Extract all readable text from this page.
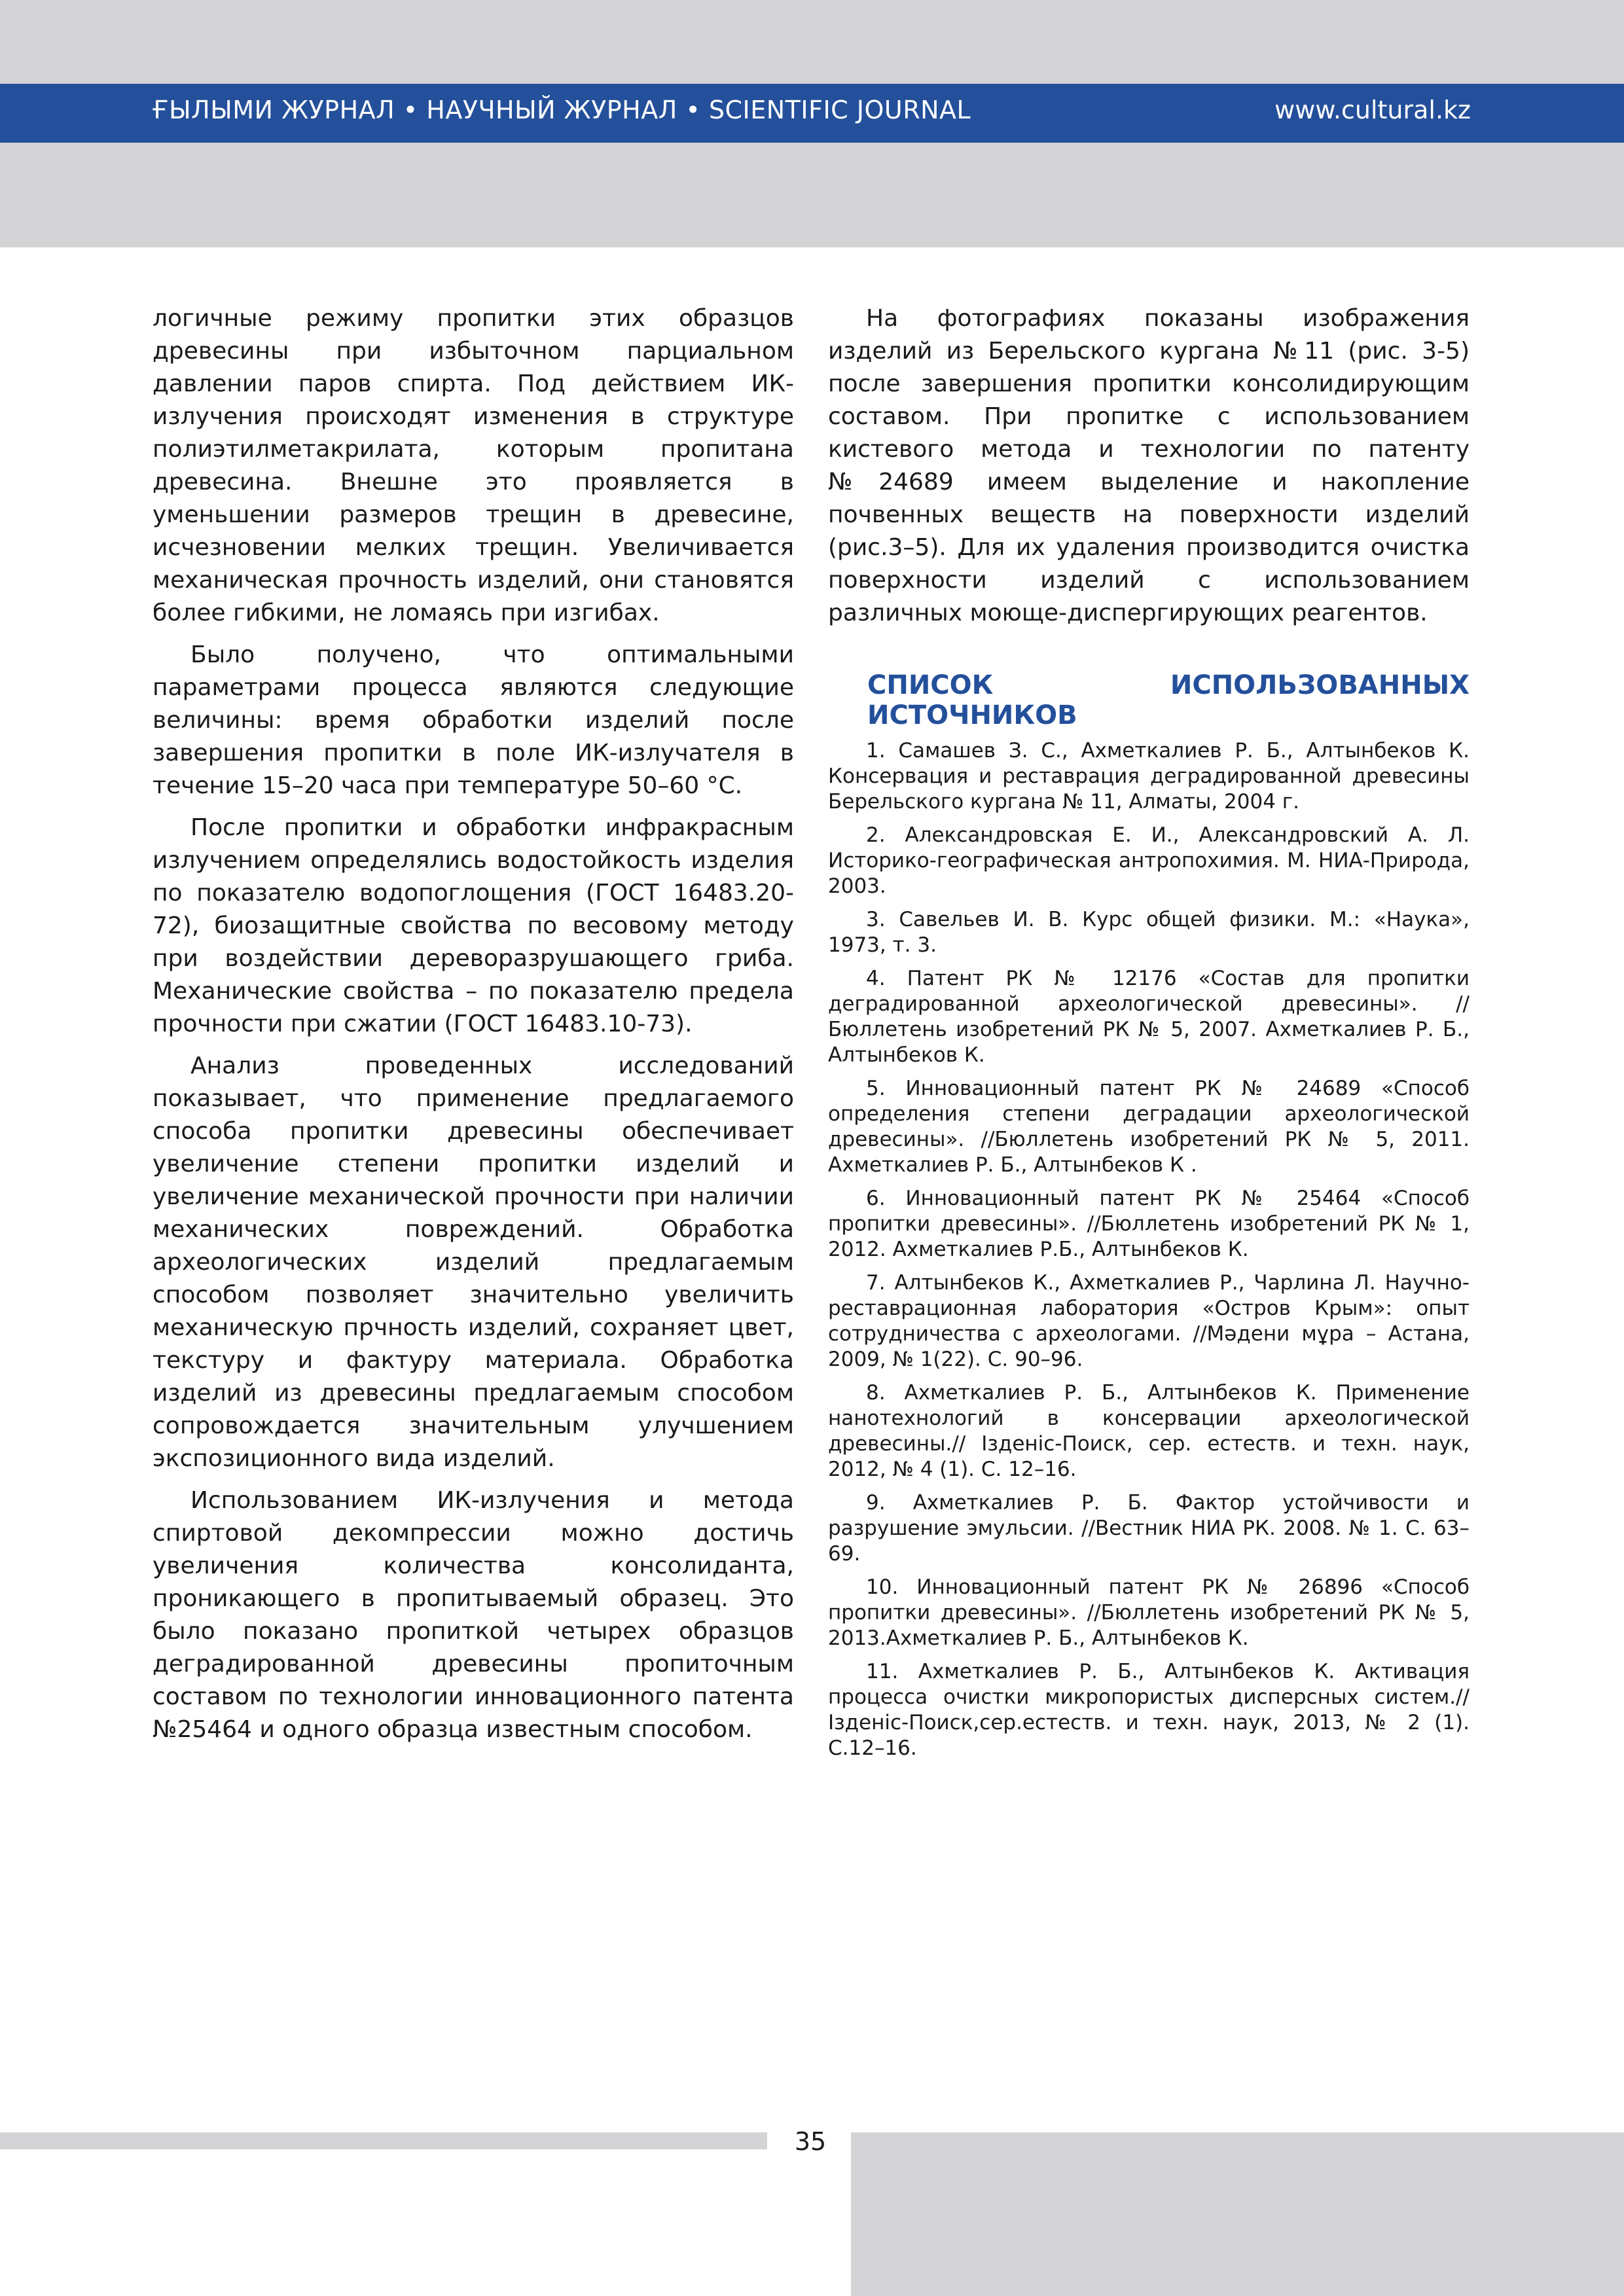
ҒЫЛЫМИ ЖУРНАЛ • НАУЧНЫЙ ЖУРНАЛ • SCIENTIFIC JOURNAL	www.cultural.kz

логичные режиму пропитки этих образцов древесины при избыточном парциальном давлении паров спирта. Под действием ИК-излучения происходят изменения в структуре полиэтилметакрилата, которым пропитана древесина. Внешне это проявляется в уменьшении размеров трещин в древесине, исчезновении мелких трещин. Увеличивается механическая прочность изделий, они становятся более гибкими, не ломаясь при изгибах.

Было получено, что оптимальными параметрами процесса являются следующие величины: время обработки изделий после завершения пропитки в поле ИК-излучателя в течение 15–20 часа при температуре 50–60 °С.

После пропитки и обработки инфракрасным излучением определялись водостойкость изделия по показателю водопоглощения (ГОСТ 16483.20-72), биозащитные свойства по весовому методу при воздействии дереворазрушающего гриба. Механические свойства – по показателю предела прочности при сжатии (ГОСТ 16483.10-73).

Анализ проведенных исследований показывает, что применение предлагаемого способа пропитки древесины обеспечивает увеличение степени пропитки изделий и увеличение механической прочности при наличии механических повреждений. Обработка археологических изделий предлагаемым способом позволяет значительно увеличить механическую прчность изделий, сохраняет цвет, текстуру и фактуру материала. Обработка изделий из древесины предлагаемым способом сопровождается значительным улучшением экспозиционного вида изделий.

Использованием ИК-излучения и метода спиртовой декомпрессии можно достичь увеличения количества консолиданта, проникающего в пропитываемый образец. Это было показано пропиткой четырех образцов деградированной древесины пропиточным составом по технологии инновационного патента №25464 и одного образца известным способом.

На фотографиях показаны изображения изделий из Берельского кургана №11 (рис. 3-5) после завершения пропитки консолидирующим составом. При пропитке с использованием кистевого метода и технологии по патенту №24689 имеем выделение и накопление почвенных веществ на поверхности изделий (рис.3–5). Для их удаления производится очистка поверхности изделий с использованием различных моюще-диспергирующих реагентов.

СПИСОК ИСПОЛЬЗОВАННЫХ ИСТОЧНИКОВ
1. Самашев З. С., Ахметкалиев Р. Б., Алтынбеков К. Консервация и реставрация деградированной древесины Берельского кургана № 11, Алматы, 2004 г.
2. Александровская Е. И., Александровский А. Л. Историко-географическая антропохимия. М. НИА-Природа, 2003.
3. Савельев И. В. Курс общей физики. М.: «Наука», 1973, т. 3.
4. Патент РК № 12176 «Состав для пропитки деградированной археологической древесины». // Бюллетень изобретений РК № 5, 2007. Ахметкалиев Р. Б., Алтынбеков К.
5. Инновационный патент РК № 24689 «Способ определения степени деградации археологической древесины». //Бюллетень изобретений РК № 5, 2011. Ахметкалиев Р. Б., Алтынбеков К .
6. Инновационный патент РК № 25464 «Способ пропитки древесины». //Бюллетень изобретений РК № 1, 2012. Ахметкалиев Р.Б., Алтынбеков К.
7. Алтынбеков К., Ахметкалиев Р., Чарлина Л. Научно-реставрационная лаборатория «Остров Крым»: опыт сотрудничества с археологами. //Мәдени мұра – Астана, 2009, № 1(22). С. 90–96.
8. Ахметкалиев Р. Б., Алтынбеков К. Применение нанотехнологий в консервации археологической древесины.// Ізденіс-Поиск, сер. естеств. и техн. наук, 2012, № 4 (1). С. 12–16.
9. Ахметкалиев Р. Б. Фактор устойчивости и разрушение эмульсии. //Вестник НИА РК. 2008. № 1. С. 63–69.
10. Инновационный патент РК № 26896 «Способ пропитки древесины». //Бюллетень изобретений РК № 5, 2013.Ахметкалиев Р. Б., Алтынбеков К.
11. Ахметкалиев Р. Б., Алтынбеков К. Активация процесса очистки микропористых дисперсных систем.// Ізденіс-Поиск,сер.естеств. и техн. наук, 2013, № 2 (1). С.12–16.
35
